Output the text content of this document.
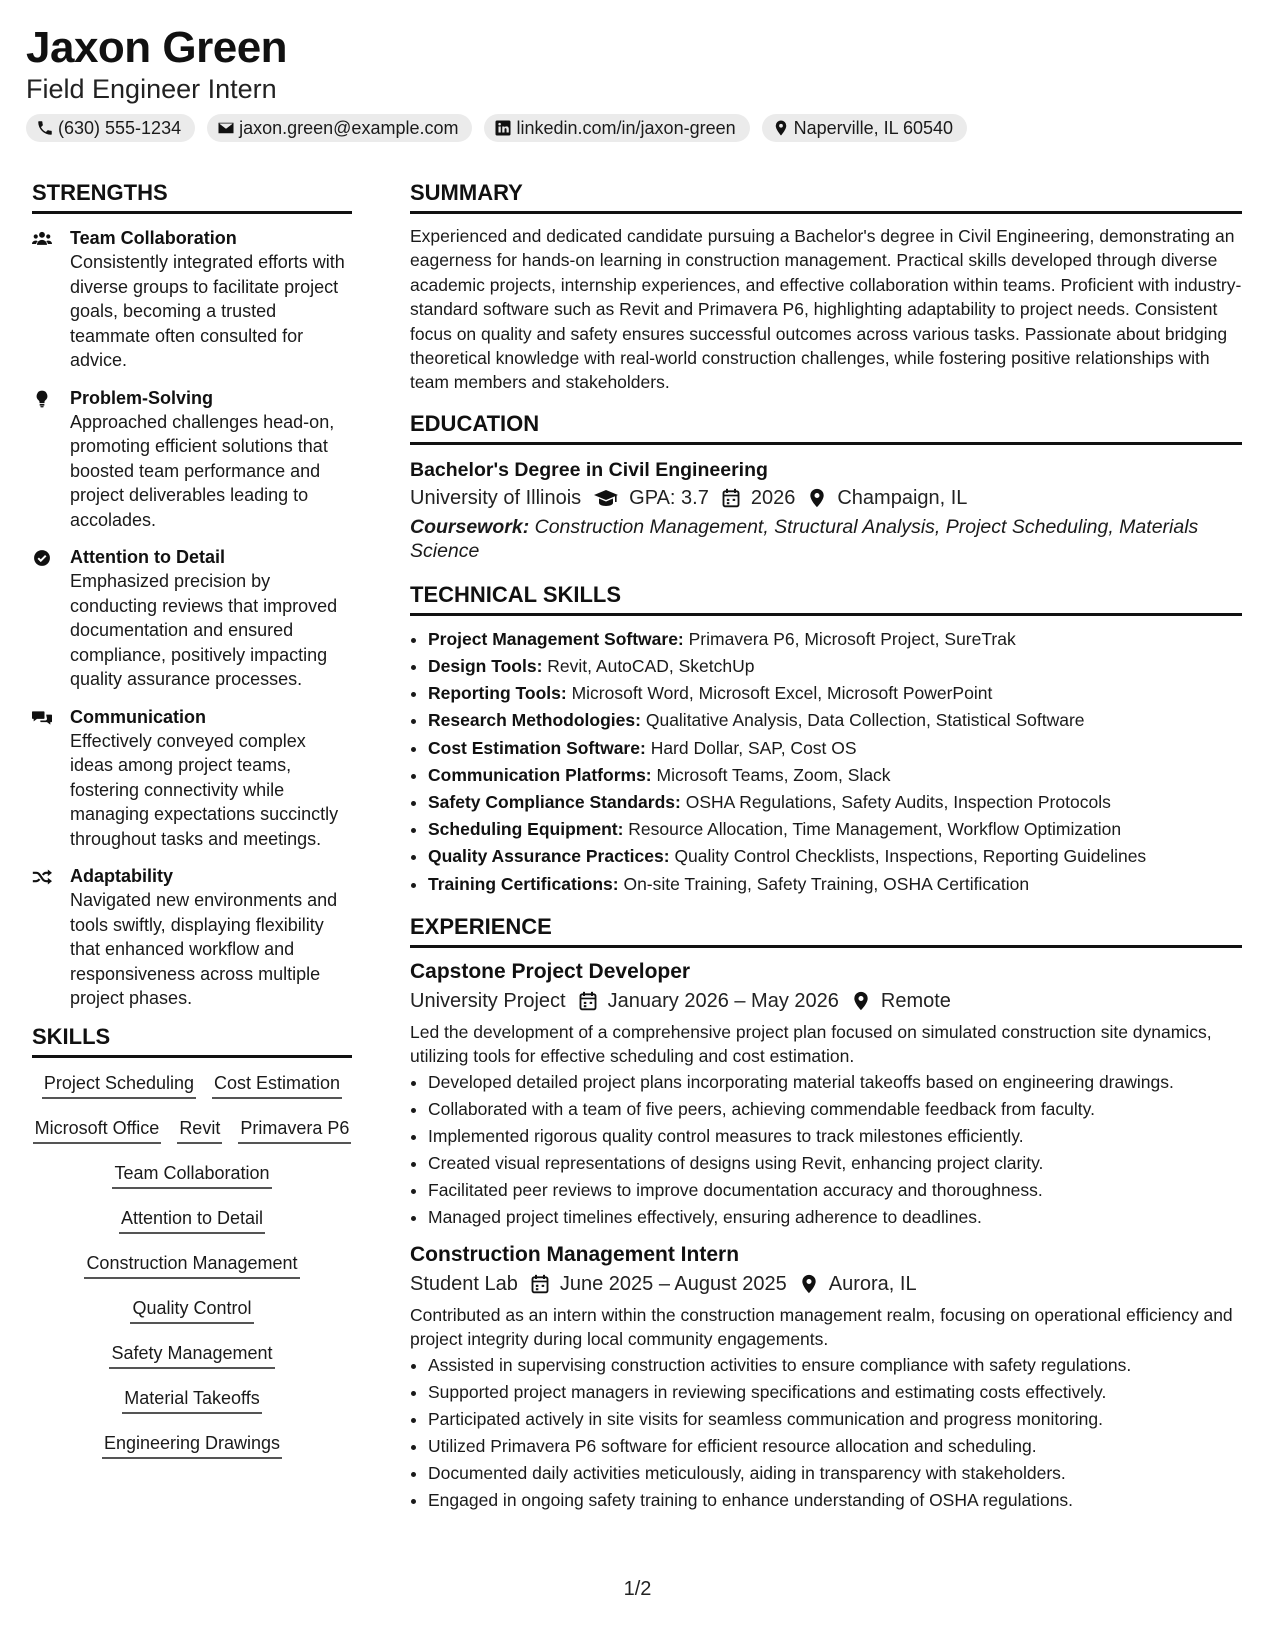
Jaxon Green
Field Engineer Intern
(630) 555-1234	jaxon.green@example.com	linkedin.com/in/jaxon-green	Naperville, IL 60540
STRENGTHS
Team Collaboration
Consistently integrated efforts with diverse groups to facilitate project goals, becoming a trusted teammate often consulted for advice.
Problem-Solving
Approached challenges head-on, promoting efficient solutions that boosted team performance and project deliverables leading to accolades.
Attention to Detail
Emphasized precision by conducting reviews that improved documentation and ensured compliance, positively impacting quality assurance processes.
Communication
Effectively conveyed complex ideas among project teams, fostering connectivity while managing expectations succinctly throughout tasks and meetings.
Adaptability
Navigated new environments and tools swiftly, displaying flexibility that enhanced workflow and responsiveness across multiple project phases.
SKILLS
Project Scheduling Cost Estimation
Microsoft Office Revit Primavera P6
Team Collaboration
Attention to Detail
Construction Management
Quality Control
Safety Management
Material Takeoffs
Engineering Drawings
SUMMARY
Experienced and dedicated candidate pursuing a Bachelor's degree in Civil Engineering, demonstrating an eagerness for hands-on learning in construction management. Practical skills developed through diverse academic projects, internship experiences, and effective collaboration within teams. Proficient with industry-standard software such as Revit and Primavera P6, highlighting adaptability to project needs. Consistent focus on quality and safety ensures successful outcomes across various tasks. Passionate about bridging theoretical knowledge with real-world construction challenges, while fostering positive relationships with team members and stakeholders.
EDUCATION
Bachelor's Degree in Civil Engineering
University of Illinois GPA: 3.7 2026 Champaign, IL
Coursework: Construction Management, Structural Analysis, Project Scheduling, Materials Science
TECHNICAL SKILLS
• Project Management Software: Primavera P6, Microsoft Project, SureTrak
• Design Tools: Revit, AutoCAD, SketchUp
• Reporting Tools: Microsoft Word, Microsoft Excel, Microsoft PowerPoint
• Research Methodologies: Qualitative Analysis, Data Collection, Statistical Software
• Cost Estimation Software: Hard Dollar, SAP, Cost OS
• Communication Platforms: Microsoft Teams, Zoom, Slack
• Safety Compliance Standards: OSHA Regulations, Safety Audits, Inspection Protocols
• Scheduling Equipment: Resource Allocation, Time Management, Workflow Optimization
• Quality Assurance Practices: Quality Control Checklists, Inspections, Reporting Guidelines
• Training Certifications: On-site Training, Safety Training, OSHA Certification
EXPERIENCE
Capstone Project Developer
University Project January 2026 – May 2026 Remote
Led the development of a comprehensive project plan focused on simulated construction site dynamics, utilizing tools for effective scheduling and cost estimation.
• Developed detailed project plans incorporating material takeoffs based on engineering drawings.
• Collaborated with a team of five peers, achieving commendable feedback from faculty.
• Implemented rigorous quality control measures to track milestones efficiently.
• Created visual representations of designs using Revit, enhancing project clarity.
• Facilitated peer reviews to improve documentation accuracy and thoroughness.
• Managed project timelines effectively, ensuring adherence to deadlines.
Construction Management Intern
Student Lab June 2025 – August 2025 Aurora, IL
Contributed as an intern within the construction management realm, focusing on operational efficiency and project integrity during local community engagements.
• Assisted in supervising construction activities to ensure compliance with safety regulations.
• Supported project managers in reviewing specifications and estimating costs effectively.
• Participated actively in site visits for seamless communication and progress monitoring.
• Utilized Primavera P6 software for efficient resource allocation and scheduling.
• Documented daily activities meticulously, aiding in transparency with stakeholders.
• Engaged in ongoing safety training to enhance understanding of OSHA regulations.
1/2
